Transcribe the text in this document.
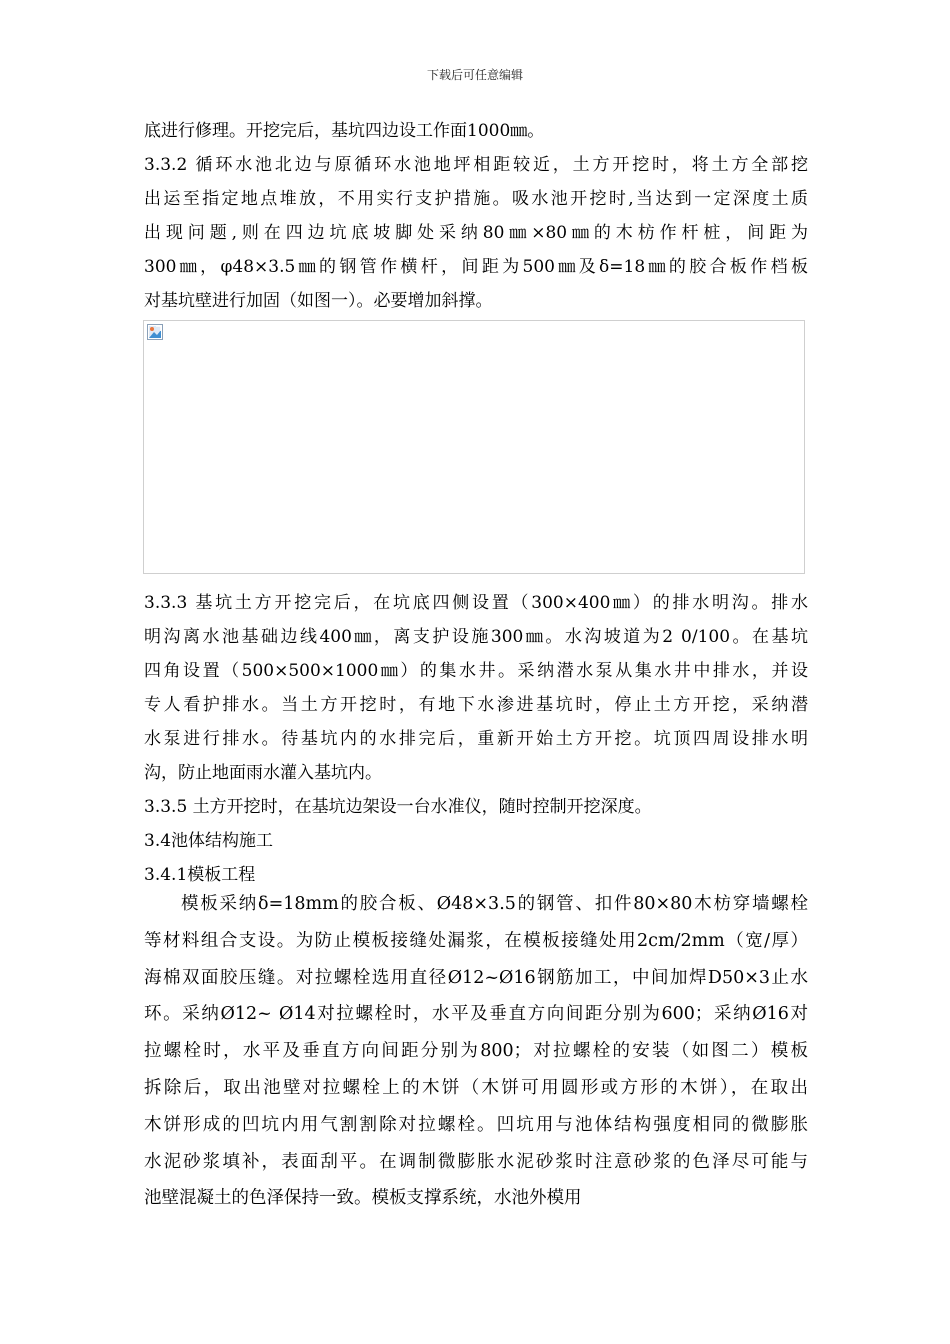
下载后可任意编辑
底进行修理。开挖完后，基坑四边设工作面1000㎜。
3.3.2 循环水池北边与原循环水池地坪相距较近，土方开挖时，将土方全部挖
出运至指定地点堆放，不用实行支护措施。吸水池开挖时,当达到一定深度土质
出现问题,则在四边坑底坡脚处采纳80㎜×80㎜的木枋作杆桩，间距为
300㎜，φ48×3.5㎜的钢管作横杆，间距为500㎜及δ=18㎜的胶合板作档板
对基坑壁进行加固（如图一）。必要增加斜撑。
3.3.3 基坑土方开挖完后，在坑底四侧设置（300×400㎜）的排水明沟。排水
明沟离水池基础边线400㎜，离支护设施300㎜。水沟坡道为2 0/100。在基坑
四角设置（500×500×1000㎜）的集水井。采纳潜水泵从集水井中排水，并设
专人看护排水。当土方开挖时，有地下水渗进基坑时，停止土方开挖，采纳潜
水泵进行排水。待基坑内的水排完后，重新开始土方开挖。坑顶四周设排水明
沟，防止地面雨水灌入基坑内。
3.3.5 土方开挖时，在基坑边架设一台水准仪，随时控制开挖深度。
3.4池体结构施工
3.4.1模板工程
模板采纳δ=18mm的胶合板、Ø48×3.5的钢管、扣件80×80木枋穿墙螺栓
等材料组合支设。为防止模板接缝处漏浆，在模板接缝处用2cm/2mm（宽/厚）
海棉双面胶压缝。对拉螺栓选用直径Ø12~Ø16钢筋加工，中间加焊D50×3止水
环。采纳Ø12~ Ø14对拉螺栓时，水平及垂直方向间距分别为600；采纳Ø16对
拉螺栓时，水平及垂直方向间距分别为800；对拉螺栓的安装（如图二）模板
拆除后，取出池壁对拉螺栓上的木饼（木饼可用圆形或方形的木饼），在取出
木饼形成的凹坑内用气割割除对拉螺栓。凹坑用与池体结构强度相同的微膨胀
水泥砂浆填补，表面刮平。在调制微膨胀水泥砂浆时注意砂浆的色泽尽可能与
池壁混凝土的色泽保持一致。模板支撑系统，水池外模用
